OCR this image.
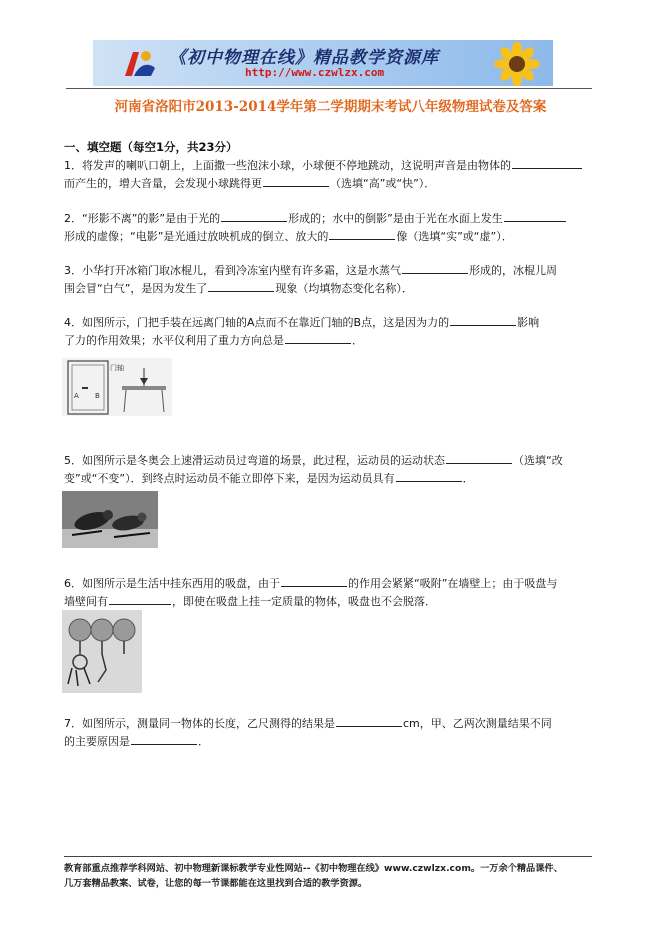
《初中物理在线》精品教学资源库
http://www.czwlzx.com
河南省洛阳市2013-2014学年第二学期期末考试八年级物理试卷及答案
一、填空题（每空1分，共23分）

1．将发声的喇叭口朝上，上面撒一些泡沫小球，小球便不停地跳动，这说明声音是由物体的

而产生的，增大音量，会发现小球跳得更	（选填“高”或“快”）．

2．“形影不离”的影”是由于光的	形成的；水中的倒影”是由于光在水面上发生

形成的虚像；“电影”是光通过放映机成的倒立、放大的	像（选填“实”或“虚”）．

3．小华打开冰箱门取冰棍儿，看到冷冻室内壁有许多霜，这是水蒸气	形成的，冰棍儿周

围会冒“白气”，是因为发生了	现象（均填物态变化名称）．

4．如图所示，门把手装在远离门轴的A点而不在靠近门轴的B点，这是因为力的	影响

了力的作用效果；水平仪利用了重力方向总是	．

A B
门轴

5．如图所示是冬奥会上速滑运动员过弯道的场景，此过程，运动员的运动状态	（选填“改

变”或“不变”）．到终点时运动员不能立即停下来，是因为运动员具有	．

6．如图所示是生活中挂东西用的吸盘，由于	的作用会紧紧“吸附”在墙壁上；由于吸盘与

墙壁间有	，即使在吸盘上挂一定质量的物体，吸盘也不会脱落．

7．如图所示，测量同一物体的长度，乙尺测得的结果是	cm，甲、乙两次测量结果不同

的主要原因是	．

教育部重点推荐学科网站、初中物理新课标教学专业性网站--《初中物理在线》www.czwlzx.com。一万余个精品课件、

几万套精品教案、试卷，让您的每一节课都能在这里找到合适的教学资源。
